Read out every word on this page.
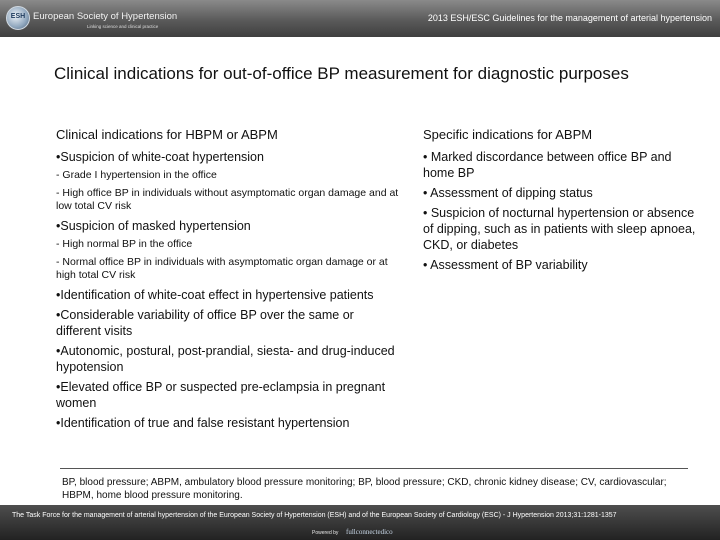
ESH European Society of Hypertension
Linking science and clinical practice
2013 ESH/ESC Guidelines for the management of arterial hypertension
Clinical indications for out-of-office BP measurement for diagnostic purposes
Clinical indications for HBPM or ABPM
•Suspicion of white-coat hypertension
- Grade I hypertension in the office
- High office BP in individuals without asymptomatic organ damage and at low total CV risk
•Suspicion of masked hypertension
- High normal BP in the office
- Normal office BP in individuals with asymptomatic organ damage or at high total CV risk
•Identification of white-coat effect in hypertensive patients
•Considerable variability of office BP over the same or different visits
•Autonomic, postural, post-prandial, siesta- and drug-induced hypotension
•Elevated office BP or suspected pre-eclampsia in pregnant women
•Identification of true and false resistant hypertension
Specific indications for ABPM
• Marked discordance between office BP and home BP
• Assessment of dipping status
• Suspicion of nocturnal hypertension or absence of dipping, such as in patients with sleep apnoea, CKD, or diabetes
• Assessment of BP variability
BP, blood pressure; ABPM, ambulatory blood pressure monitoring; BP, blood pressure; CKD, chronic kidney disease; CV, cardiovascular; HBPM, home blood pressure monitoring.
The Task Force for the management of arterial hypertension of the European Society of Hypertension (ESH) and of the European Society of Cardiology (ESC) - J Hypertension 2013;31:1281-1357
Powered by fullconnectedico
